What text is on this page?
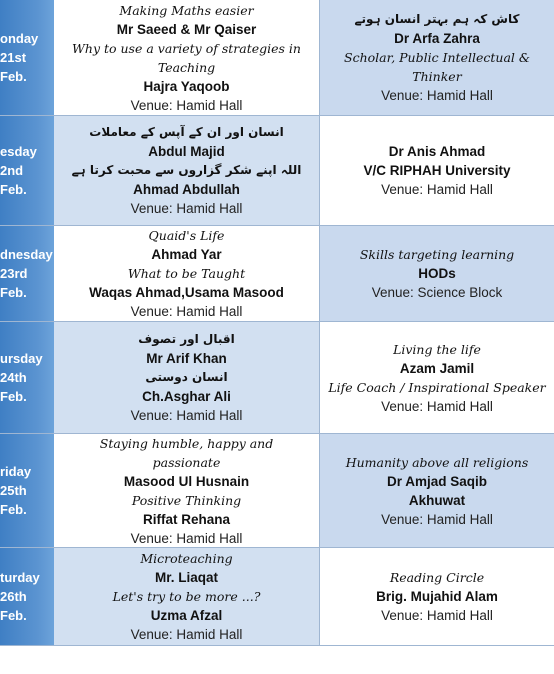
onday
21st
Feb.
Making Maths easier
Mr Saeed & Mr Qaiser
Why to use a variety of strategies in
Teaching
Hajra Yaqoob
Venue: Hamid Hall
کاش کہ ہم بہتر انسان ہوتے
Dr Arfa Zahra
Scholar, Public Intellectual &
Thinker
Venue: Hamid Hall
esday
2nd
Feb.
انسان اور ان کے آپس کے معاملات
Abdul Majid
اللہ اپنے شکر گزاروں سے محبت کرتا ہے
Ahmad Abdullah
Venue: Hamid Hall
Dr Anis Ahmad
V/C RIPHAH University
Venue: Hamid Hall
dnesday
23rd
Feb.
Quaid's Life
Ahmad Yar
What to be Taught
Waqas Ahmad,Usama Masood
Venue: Hamid Hall
Skills targeting learning
HODs
Venue: Science Block
ursday
24th
Feb.
اقبال اور تصوف
Mr Arif Khan
انسان دوستی
Ch.Asghar Ali
Venue: Hamid Hall
Living the life
Azam Jamil
Life Coach / Inspirational Speaker
Venue: Hamid Hall
riday
25th
Feb.
Staying humble, happy and
passionate
Masood Ul Husnain
Positive Thinking
Riffat Rehana
Venue: Hamid Hall
Humanity above all religions
Dr Amjad Saqib
Akhuwat
Venue: Hamid Hall
turday
26th
Feb.
Microteaching
Mr. Liaqat
Let's try to be more ...?
Uzma Afzal
Venue: Hamid Hall
Reading Circle
Brig. Mujahid Alam
Venue: Hamid Hall
